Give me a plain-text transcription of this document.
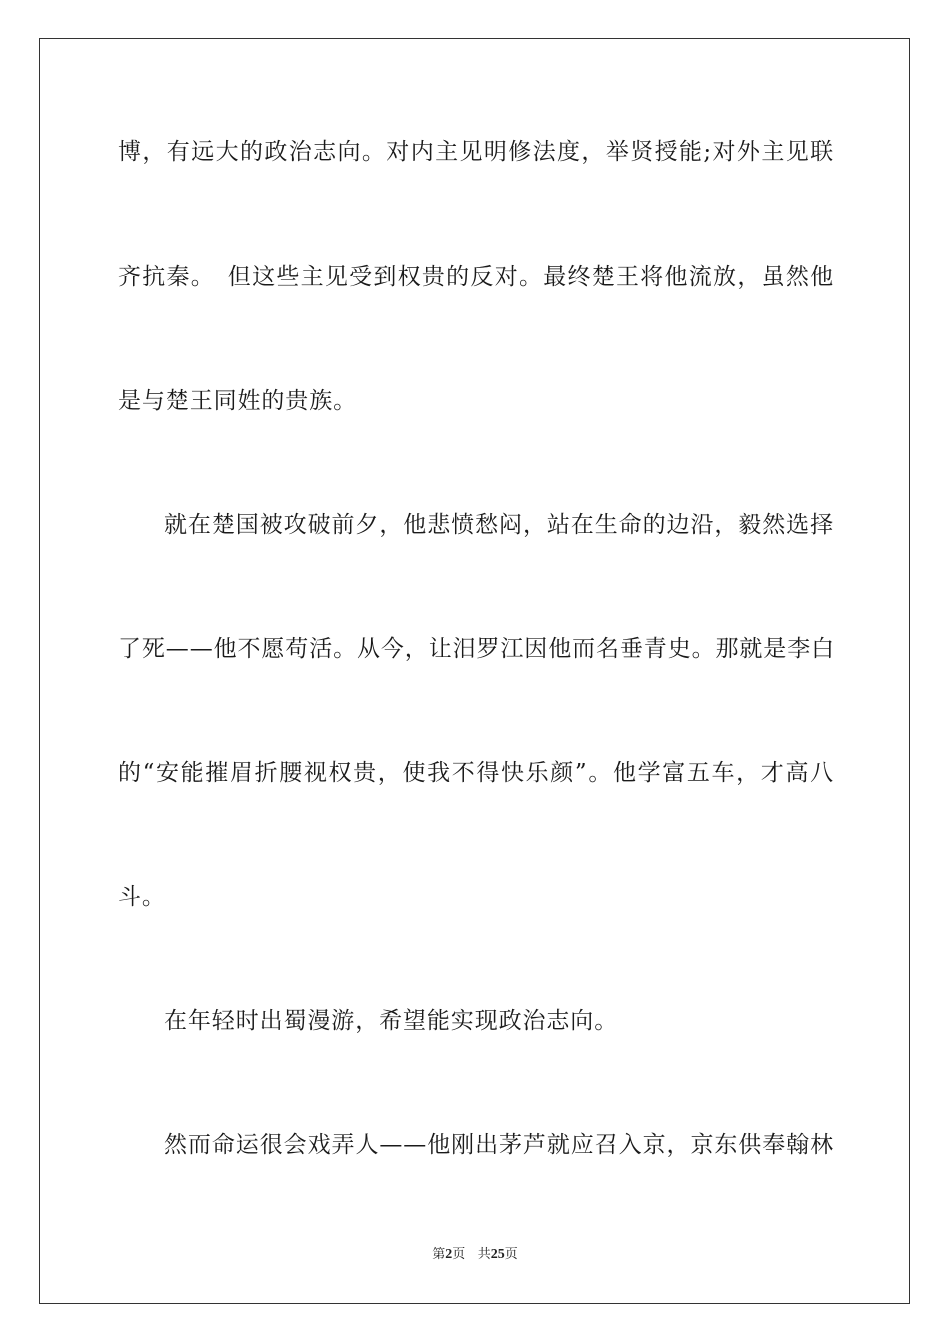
博，有远大的政治志向。对内主见明修法度，举贤授能;对外主见联
齐抗秦。　但这些主见受到权贵的反对。最终楚王将他流放，虽然他
是与楚王同姓的贵族。
就在楚国被攻破前夕，他悲愤愁闷，站在生命的边沿，毅然选择
了死——他不愿苟活。从今，让汨罗江因他而名垂青史。那就是李白
的“安能摧眉折腰视权贵，使我不得快乐颜”。他学富五车，才高八
斗。
在年轻时出蜀漫游，希望能实现政治志向。
然而命运很会戏弄人——他刚出茅芦就应召入京，京东供奉翰林
第2页 共25页
